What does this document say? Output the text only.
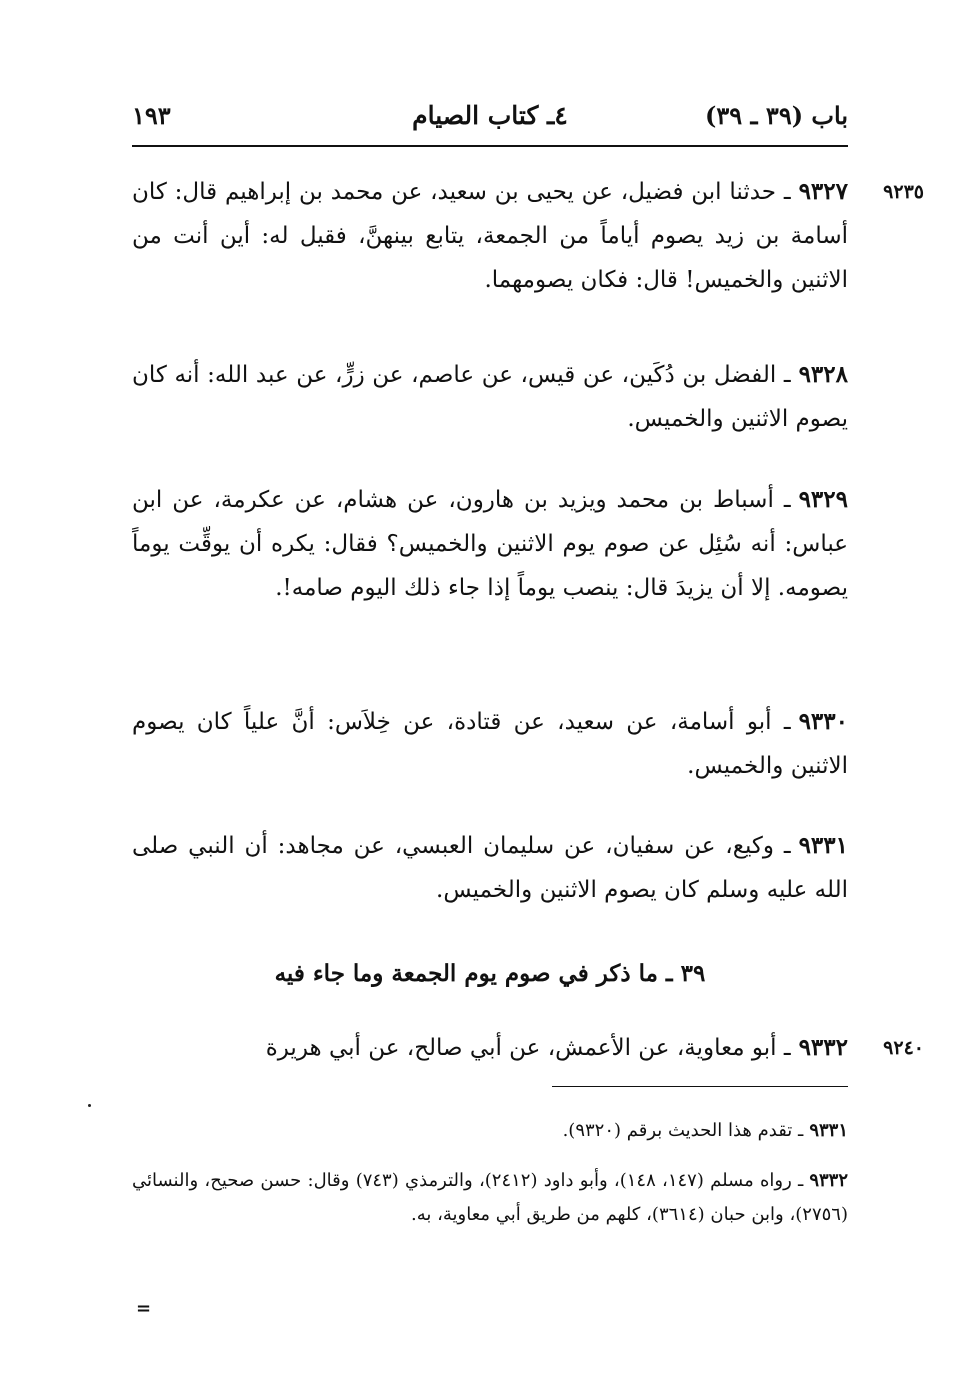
باب (٣٩ ـ ٣٩)
٤ـ كتاب الصيام
١٩٣
٩٢٣٥
٩٣٢٧ـ حدثنا ابن فضيل، عن يحيى بن سعيد، عن محمد بن إبراهيم قال: كان أسامة بن زيد يصوم أياماً من الجمعة، يتابع بينهنَّ، فقيل له: أين أنت من الاثنين والخميس! قال: فكان يصومهما.
٩٣٢٨ـ الفضل بن دُكَين، عن قيس، عن عاصم، عن زرٍّ، عن عبد الله: أنه كان يصوم الاثنين والخميس.
٩٣٢٩ـ أسباط بن محمد ويزيد بن هارون، عن هشام، عن عكرمة، عن ابن عباس: أنه سُئِل عن صوم يوم الاثنين والخميس؟ فقال: يكره أن يوقِّت يوماً يصومه. إلا أن يزيدَ قال: ينصب يوماً إذا جاء ذلك اليوم صامه!.
٩٣٣٠ـ أبو أسامة، عن سعيد، عن قتادة، عن خِلاَس: أنَّ علياً كان يصوم الاثنين والخميس.
٩٣٣١ـ وكيع، عن سفيان، عن سليمان العبسي، عن مجاهد: أن النبي صلى الله عليه وسلم كان يصوم الاثنين والخميس.
٣٩ ـ ما ذكر في صوم يوم الجمعة وما جاء فيه
٩٢٤٠
٩٣٣٢ـ أبو معاوية، عن الأعمش، عن أبي صالح، عن أبي هريرة
٩٣٣١ـ تقدم هذا الحديث برقم (٩٣٢٠).
٩٣٣٢ـ رواه مسلم (١٤٧، ١٤٨)، وأبو داود (٢٤١٢)، والترمذي (٧٤٣) وقال: حسن صحيح، والنسائي (٢٧٥٦)، وابن حبان (٣٦١٤)، كلهم من طريق أبي معاوية، به.
=
